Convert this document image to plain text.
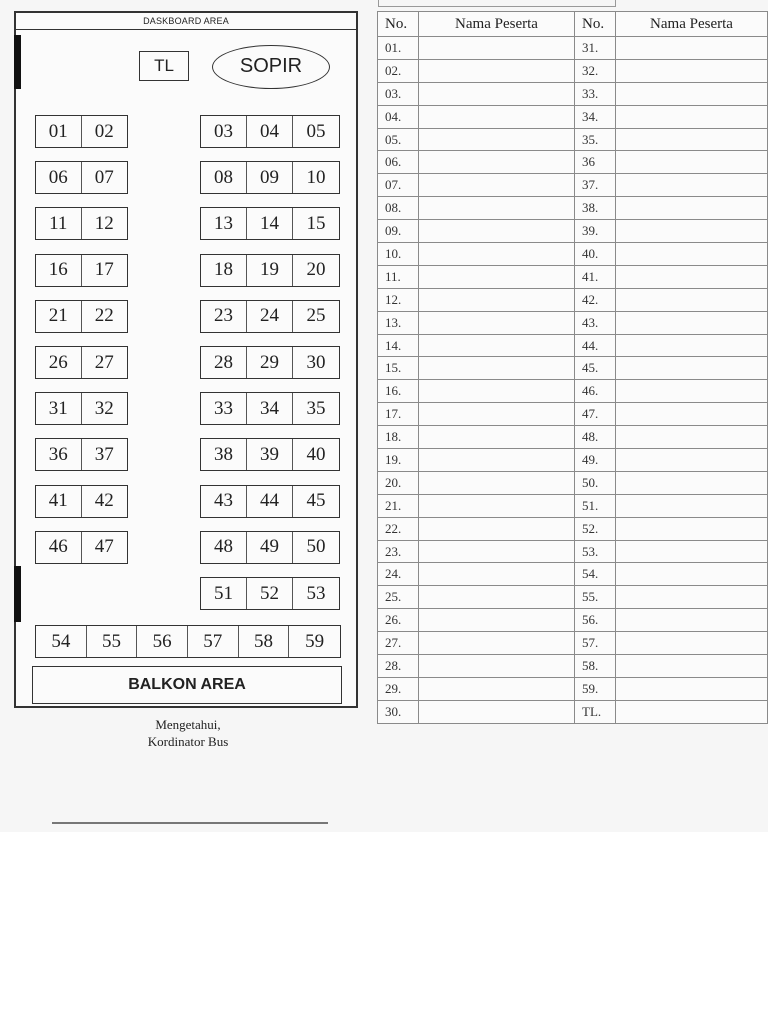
DASKBOARD AREA
TL	SOPIR
01	02	03	04	05
06	07	08	09	10
11	12	13	14	15
16	17	18	19	20
21	22	23	24	25
26	27	28	29	30
31	32	33	34	35
36	37	38	39	40
41	42	43	44	45
46	47	48	49	50
51	52	53
54	55	56	57	58	59
BALKON AREA
Mengetahui,
Kordinator Bus
No.	Nama Peserta	No.	Nama Peserta
01.		31.	
02.		32.	
03.		33.	
04.		34.	
05.		35.	
06.		36	
07.		37.	
08.		38.	
09.		39.	
10.		40.	
11.		41.	
12.		42.	
13.		43.	
14.		44.	
15.		45.	
16.		46.	
17.		47.	
18.		48.	
19.		49.	
20.		50.	
21.		51.	
22.		52.	
23.		53.	
24.		54.	
25.		55.	
26.		56.	
27.		57.	
28.		58.	
29.		59.	
30.		TL.	
